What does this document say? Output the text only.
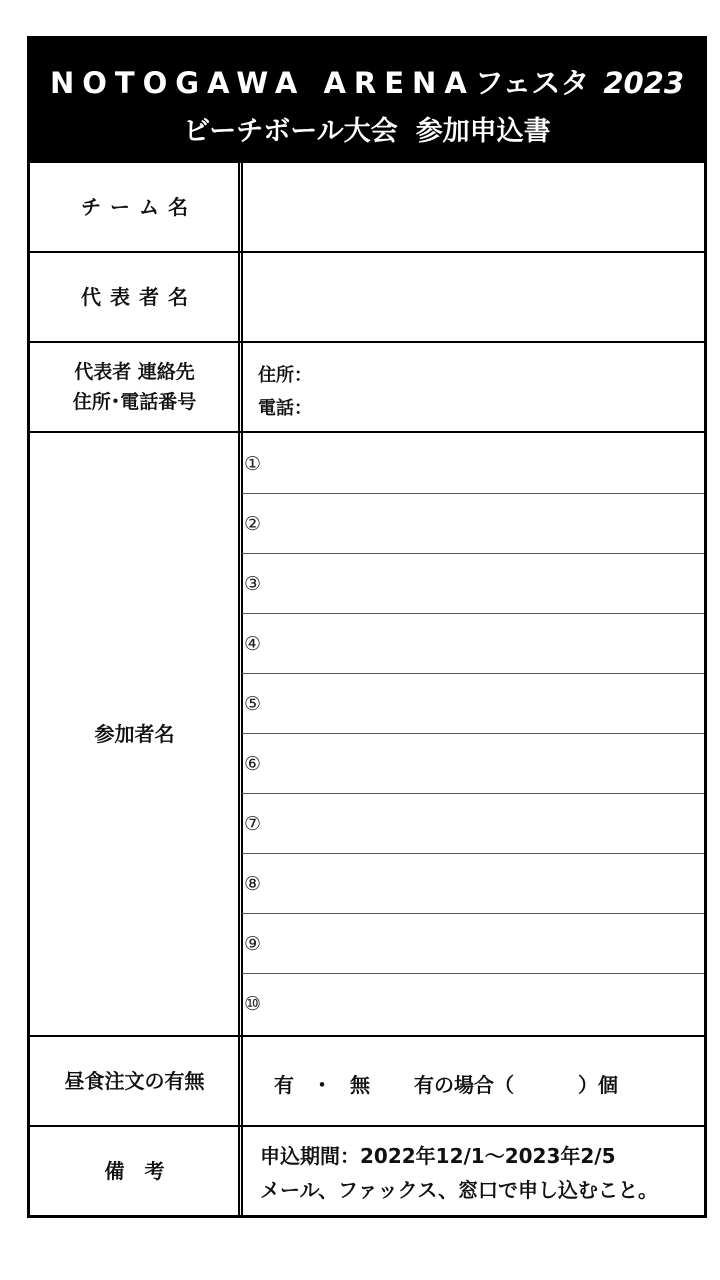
NOTOGAWA ARENAフェスタ 2023
ビーチボール大会 参加申込書
チーム名
代表者名
代表者 連絡先
住所･電話番号
住所：
電話：
参加者名
①
②
③
④
⑤
⑥
⑦
⑧
⑨
⑩
昼食注文の有無	有 ・ 無 有の場合（	）個
備　考
申込期間：2022年12/1～2023年2/5
メール、ファックス、窓口で申し込むこと。
